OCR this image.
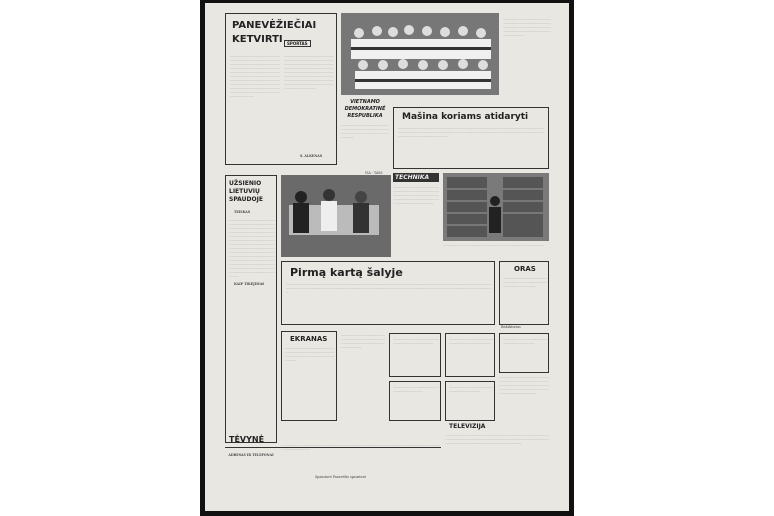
PANEVĖŽIEČIAI
KETVIRTI	SPORTAS
·································································································································································································································································································································································································································································································································································
·································································································································································································································································································································································································································································
S. ALKENAS
······························································································································································································································
VIETNAMO DEMOKRATINĖ RESPUBLIKA
····································································································································································
VIA - TASS
Mašina koriams atidaryti
······································································································································································································································································································································································
UŽSIENIO LIETUVIŲ SPAUDOJE
TEISKAS
··········································································································································································································································································································································································································································································································································································································································································································
KAIP TIKĖJIMAS
TECHNIKA
···········································································································································································································································
··········································································································
Pirmą kartą šalyje
··················································································································································································································································································································································································································································
ORAS
······························································································································
EKRANAS
········································································································································································
································································································································································
··························································································
··························································································
···············································································
···············································································
···············································································
TELEVIZIJA
···········································································································································································································································································································
·······················································································································································································································································
TĖVYNĖ
ADRESAS IR TELEFONAI
······································································································································································································
Redaktorius
Spaustuvė Panevėžio spaustuvė
